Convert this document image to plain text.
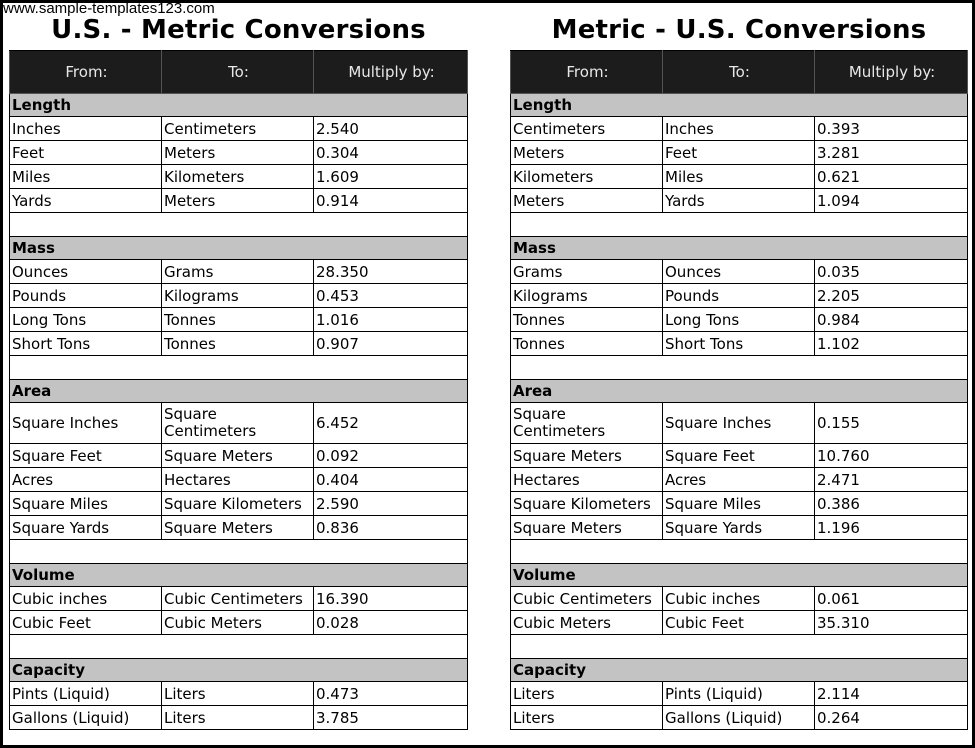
www.sample-templates123.com
U.S. - Metric Conversions
From:	To:	Multiply by:
Length		
Inches	Centimeters	2.540
Feet	Meters	0.304
Miles	Kilometers	1.609
Yards	Meters	0.914

Mass		
Ounces	Grams	28.350
Pounds	Kilograms	0.453
Long Tons	Tonnes	1.016
Short Tons	Tonnes	0.907

Area		
Square Inches	Square Centimeters	6.452
Square Feet	Square Meters	0.092
Acres	Hectares	0.404
Square Miles	Square Kilometers	2.590
Square Yards	Square Meters	0.836

Volume		
Cubic inches	Cubic Centimeters	16.390
Cubic Feet	Cubic Meters	0.028

Capacity		
Pints (Liquid)	Liters	0.473
Gallons (Liquid)	Liters	3.785
Metric - U.S. Conversions
From:	To:	Multiply by:
Length		
Centimeters	Inches	0.393
Meters	Feet	3.281
Kilometers	Miles	0.621
Meters	Yards	1.094

Mass		
Grams	Ounces	0.035
Kilograms	Pounds	2.205
Tonnes	Long Tons	0.984
Tonnes	Short Tons	1.102

Area		
Square Centimeters	Square Inches	0.155
Square Meters	Square Feet	10.760
Hectares	Acres	2.471
Square Kilometers	Square Miles	0.386
Square Meters	Square Yards	1.196

Volume		
Cubic Centimeters	Cubic inches	0.061
Cubic Meters	Cubic Feet	35.310

Capacity		
Liters	Pints (Liquid)	2.114
Liters	Gallons (Liquid)	0.264
